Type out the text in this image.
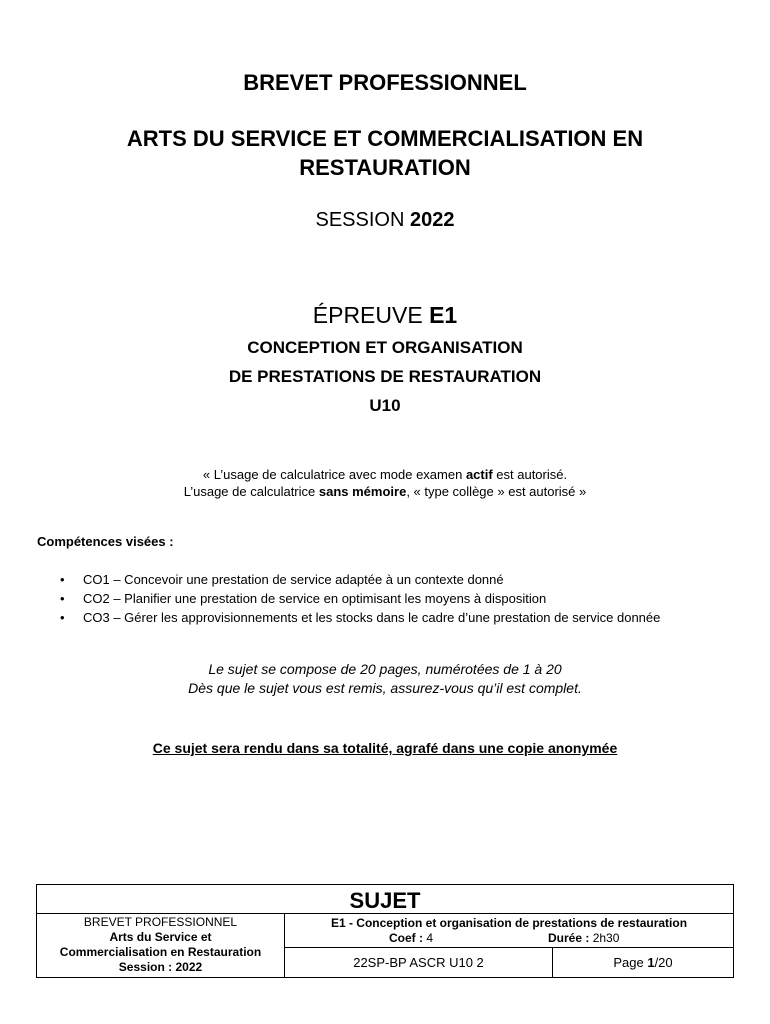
BREVET PROFESSIONNEL
ARTS DU SERVICE ET COMMERCIALISATION EN
RESTAURATION
SESSION 2022
ÉPREUVE E1
CONCEPTION ET ORGANISATION
DE PRESTATIONS DE RESTAURATION
U10
« L’usage de calculatrice avec mode examen actif est autorisé.
L’usage de calculatrice sans mémoire, « type collège » est autorisé »
Compétences visées :
• CO1 – Concevoir une prestation de service adaptée à un contexte donné
• CO2 – Planifier une prestation de service en optimisant les moyens à disposition
• CO3 – Gérer les approvisionnements et les stocks dans le cadre d’une prestation de service donnée
Le sujet se compose de 20 pages, numérotées de 1 à 20
Dès que le sujet vous est remis, assurez-vous qu’il est complet.
Ce sujet sera rendu dans sa totalité, agrafé dans une copie anonymée
SUJET
BREVET PROFESSIONNEL
Arts du Service et
Commercialisation en Restauration
Session : 2022
E1 - Conception et organisation de prestations de restauration
Coef : 4	Durée : 2h30
22SP-BP ASCR U10 2	Page 1/20
